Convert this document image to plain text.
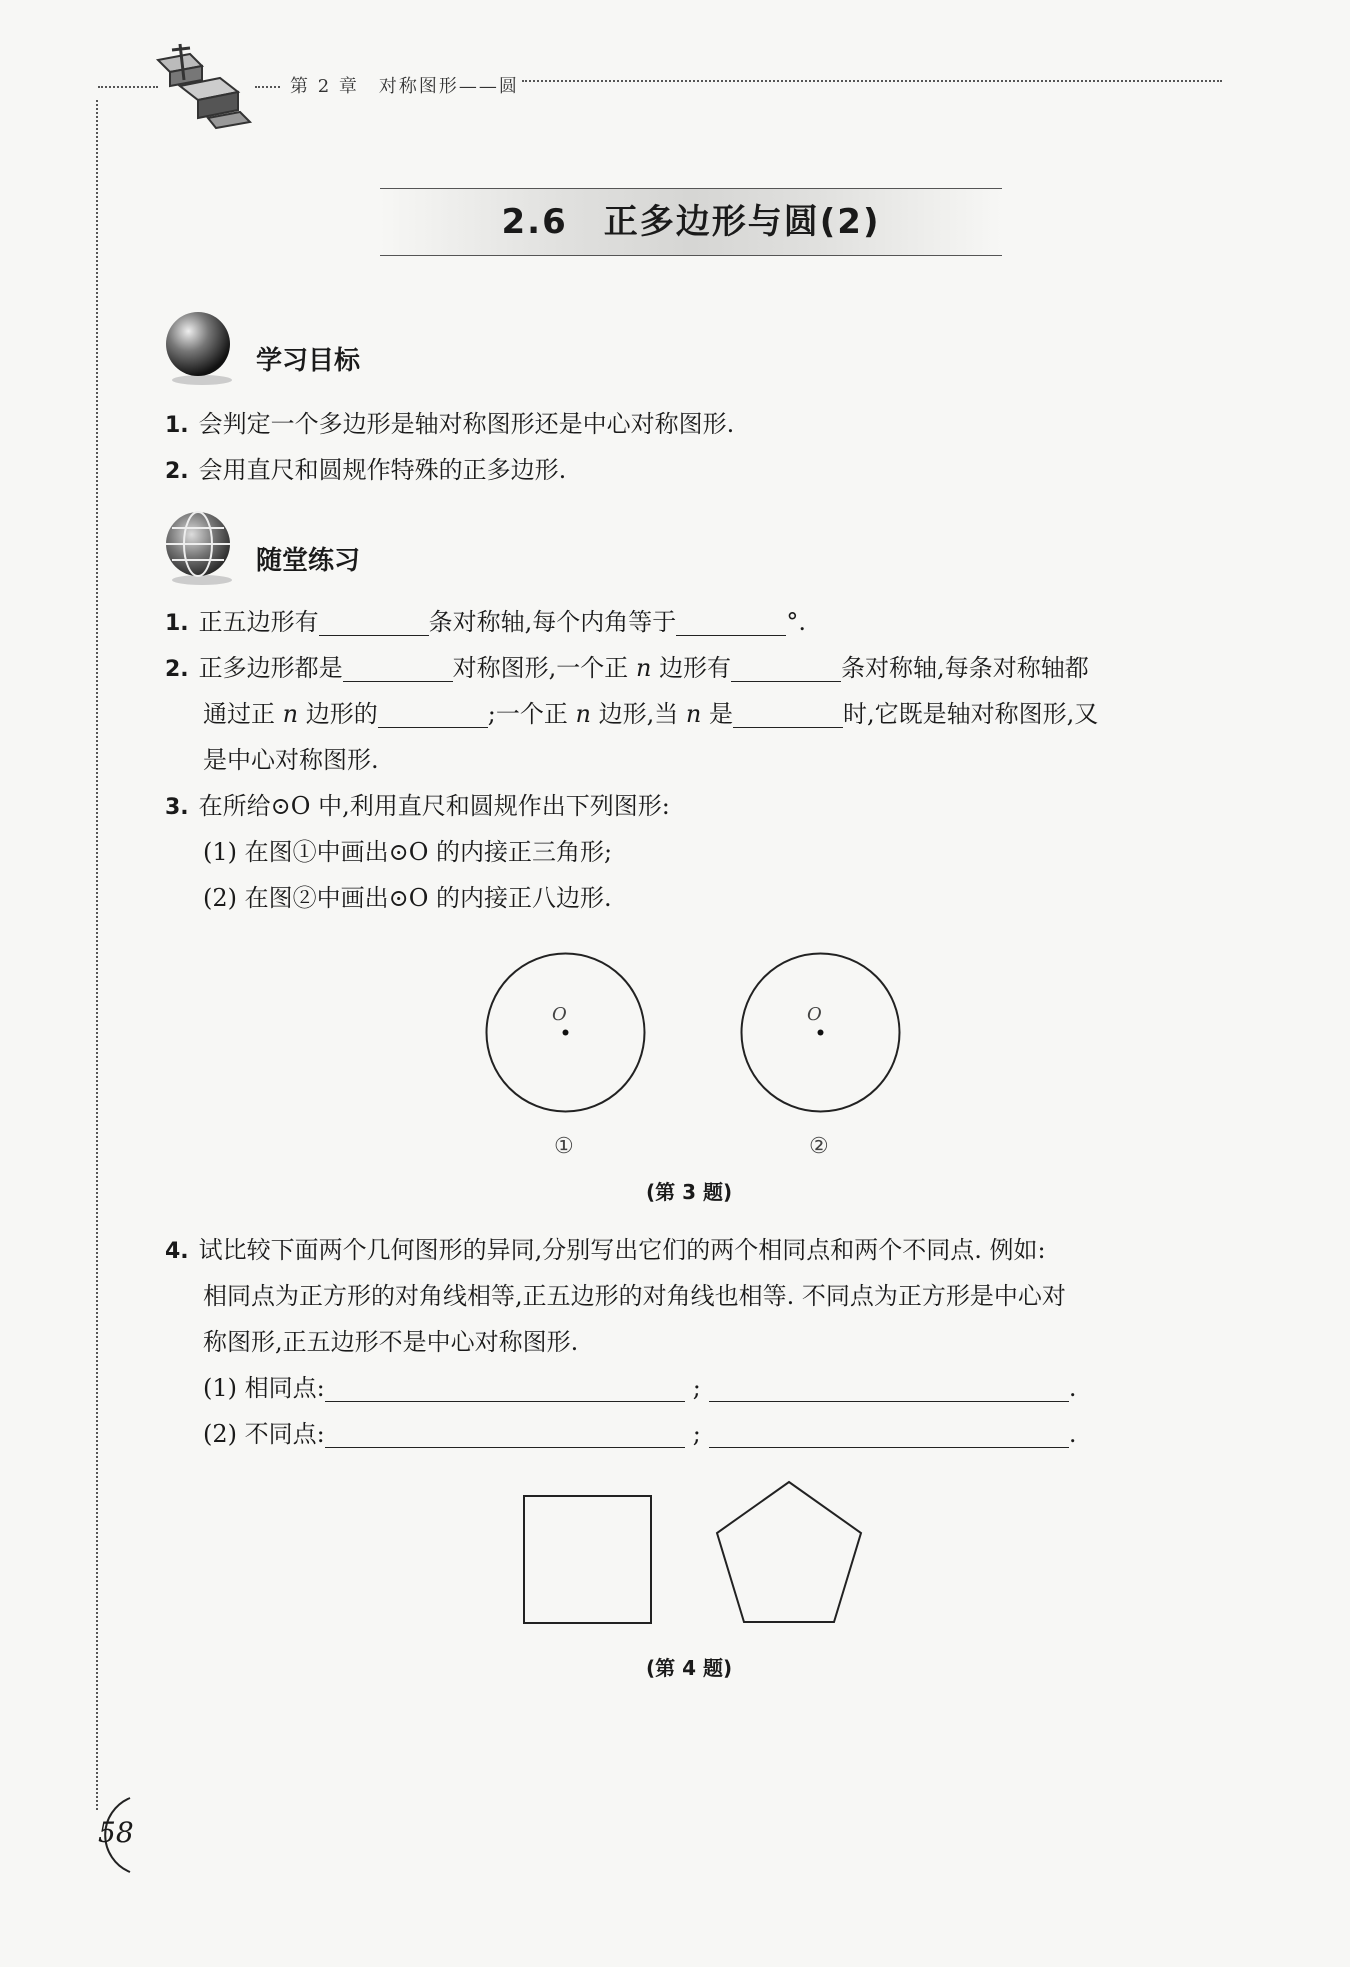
第 2 章　对称图形——圆
2.6　正多边形与圆(2)
学习目标
1. 会判定一个多边形是轴对称图形还是中心对称图形.
2. 会用直尺和圆规作特殊的正多边形.
随堂练习
1. 正五边形有	条对称轴,每个内角等于	°.
2. 正多边形都是	对称图形,一个正 n 边形有	条对称轴,每条对称轴都
通过正 n 边形的	;一个正 n 边形,当 n 是	时,它既是轴对称图形,又
是中心对称图形.
3. 在所给⊙O 中,利用直尺和圆规作出下列图形:
(1) 在图①中画出⊙O 的内接正三角形;
(2) 在图②中画出⊙O 的内接正八边形.
O
①
O
②
(第 3 题)
4. 试比较下面两个几何图形的异同,分别写出它们的两个相同点和两个不同点. 例如:
相同点为正方形的对角线相等,正五边形的对角线也相等. 不同点为正方形是中心对
称图形,正五边形不是中心对称图形.
(1) 相同点:	;	.
(2) 不同点:	;	.
(第 4 题)
58
